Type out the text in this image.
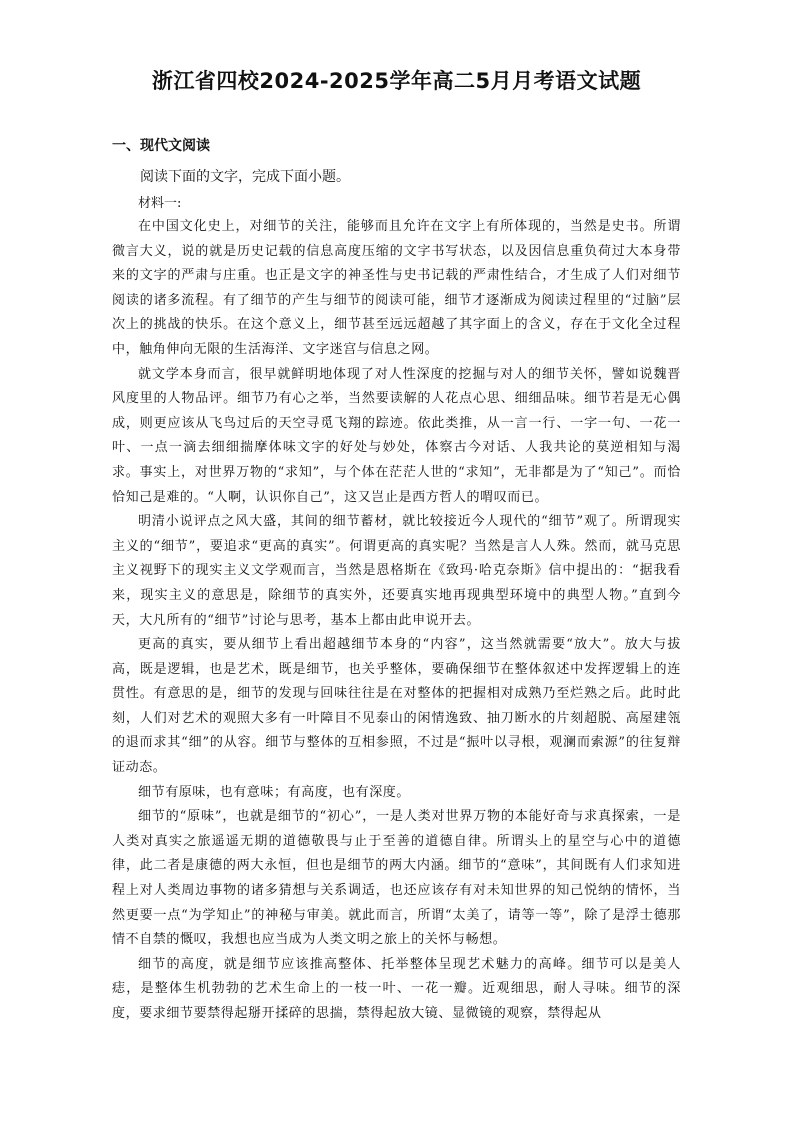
浙江省四校2024-2025学年高二5月月考语文试题
一、现代文阅读

阅读下面的文字，完成下面小题。

材料一:

在中国文化史上，对细节的关注，能够而且允许在文字上有所体现的，当然是史书。所谓微言大义，说的就是历史记载的信息高度压缩的文字书写状态，以及因信息重负荷过大本身带来的文字的严肃与庄重。也正是文字的神圣性与史书记载的严肃性结合，才生成了人们对细节阅读的诸多流程。有了细节的产生与细节的阅读可能，细节才逐渐成为阅读过程里的“过脑”层次上的挑战的快乐。在这个意义上，细节甚至远远超越了其字面上的含义，存在于文化全过程中，触角伸向无限的生活海洋、文字迷宫与信息之网。

就文学本身而言，很早就鲜明地体现了对人性深度的挖掘与对人的细节关怀，譬如说魏晋风度里的人物品评。细节乃有心之举，当然要读解的人花点心思、细细品味。细节若是无心偶成，则更应该从飞鸟过后的天空寻觅飞翔的踪迹。依此类推，从一言一行、一字一句、一花一叶、一点一滴去细细揣摩体味文字的好处与妙处，体察古今对话、人我共论的莫逆相知与渴求。事实上，对世界万物的“求知”，与个体在茫茫人世的“求知”，无非都是为了“知己”。而恰恰知己是难的。“人啊，认识你自己”，这又岂止是西方哲人的喟叹而已。

明清小说评点之风大盛，其间的细节蓄材，就比较接近今人现代的“细节”观了。所谓现实主义的“细节”，要追求“更高的真实”。何谓更高的真实呢？当然是言人人殊。然而，就马克思主义视野下的现实主义文学观而言，当然是恩格斯在《致玛·哈克奈斯》信中提出的：“据我看来，现实主义的意思是，除细节的真实外，还要真实地再现典型环境中的典型人物。”直到今天，大凡所有的“细节”讨论与思考，基本上都由此申说开去。

更高的真实，要从细节上看出超越细节本身的“内容”，这当然就需要“放大”。放大与拔高，既是逻辑，也是艺术，既是细节，也关乎整体，要确保细节在整体叙述中发挥逻辑上的连贯性。有意思的是，细节的发现与回味往往是在对整体的把握相对成熟乃至烂熟之后。此时此刻，人们对艺术的观照大多有一叶障目不见泰山的闲情逸致、抽刀断水的片刻超脱、高屋建瓴的退而求其“细”的从容。细节与整体的互相参照，不过是“振叶以寻根，观澜而索源”的往复辩证动态。

细节有原味，也有意味；有高度，也有深度。

细节的“原味”，也就是细节的“初心”，一是人类对世界万物的本能好奇与求真探索，一是人类对真实之旅遥遥无期的道德敬畏与止于至善的道德自律。所谓头上的星空与心中的道德律，此二者是康德的两大永恒，但也是细节的两大内涵。细节的“意味”，其间既有人们求知进程上对人类周边事物的诸多猜想与关系调适，也还应该存有对未知世界的知己悦纳的情怀，当然更要一点“为学知止”的神秘与审美。就此而言，所谓“太美了，请等一等”，除了是浮士德那情不自禁的慨叹，我想也应当成为人类文明之旅上的关怀与畅想。

细节的高度，就是细节应该推高整体、托举整体呈现艺术魅力的高峰。细节可以是美人痣，是整体生机勃勃的艺术生命上的一枝一叶、一花一瓣。近观细思，耐人寻味。细节的深度，要求细节要禁得起掰开揉碎的思揣，禁得起放大镜、显微镜的观察，禁得起从
